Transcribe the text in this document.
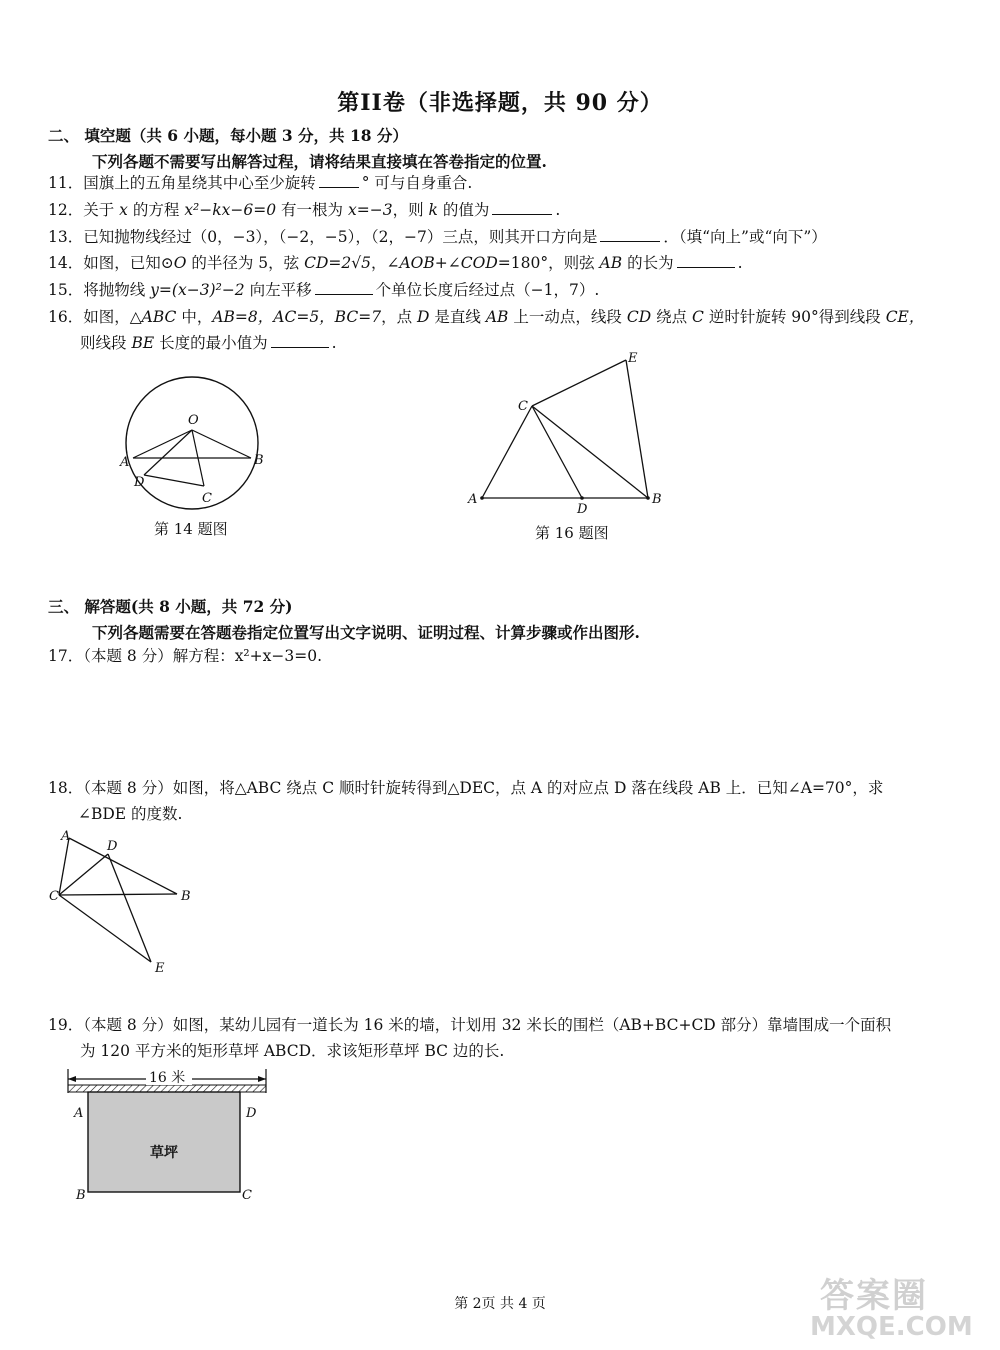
第II卷（非选择题，共 90 分）
二、 填空题（共 6 小题，每小题 3 分，共 18 分）
下列各题不需要写出解答过程，请将结果直接填在答卷指定的位置.
11．国旗上的五角星绕其中心至少旋转	° 可与自身重合.
12．关于 x 的方程 x²−kx−6=0 有一根为 x=−3，则 k 的值为	.
13．已知抛物线经过（0，−3），（−2，−5），（2，−7）三点，则其开口方向是	．（填“向上”或“向下”）
14．如图，已知⊙O 的半径为 5，弦 CD=2√5，∠AOB+∠COD=180°，则弦 AB 的长为	.
15．将抛物线 y=(x−3)²−2 向左平移	个单位长度后经过点（−1，7）.
16．如图，△ABC 中，AB=8，AC=5，BC=7，点 D 是直线 AB 上一动点，线段 CD 绕点 C 逆时针旋转 90°得到线段 CE，
则线段 BE 长度的最小值为	.
O
A	B
D
C
第 14 题图
E
C
A
D
B
第 16 题图
三、 解答题(共 8 小题，共 72 分)
下列各题需要在答题卷指定位置写出文字说明、证明过程、计算步骤或作出图形.
17．（本题 8 分）解方程：x²+x−3=0.
18．（本题 8 分）如图，将△ABC 绕点 C 顺时针旋转得到△DEC，点 A 的对应点 D 落在线段 AB 上．已知∠A=70°，求
∠BDE 的度数.
A
D
C	B
E
19．（本题 8 分）如图，某幼儿园有一道长为 16 米的墙，计划用 32 米长的围栏（AB+BC+CD 部分）靠墙围成一个面积
为 120 平方米的矩形草坪 ABCD．求该矩形草坪 BC 边的长.
16 米
A	D
B	C
草坪
第 2页 共 4 页	答案圈
MXQE.COM
